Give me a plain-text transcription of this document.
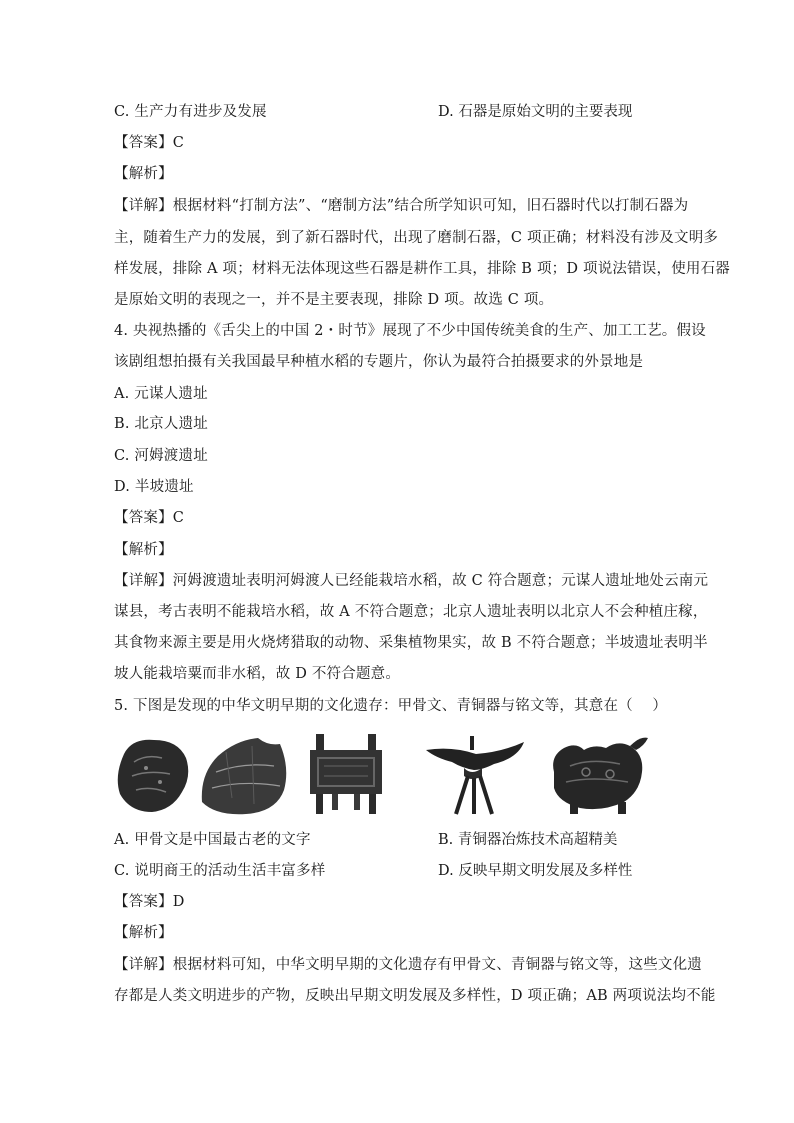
C. 生产力有进步及发展	D. 石器是原始文明的主要表现
【答案】C
【解析】
【详解】根据材料“打制方法”、“磨制方法”结合所学知识可知，旧石器时代以打制石器为
主，随着生产力的发展，到了新石器时代，出现了磨制石器，C 项正确；材料没有涉及文明多
样发展，排除 A 项；材料无法体现这些石器是耕作工具，排除 B 项；D 项说法错误，使用石器
是原始文明的表现之一，并不是主要表现，排除 D 项。故选 C 项。
4. 央视热播的《舌尖上的中国 2・时节》展现了不少中国传统美食的生产、加工工艺。假设
该剧组想拍摄有关我国最早种植水稻的专题片，你认为最符合拍摄要求的外景地是
A. 元谋人遗址
B. 北京人遗址
C. 河姆渡遗址
D. 半坡遗址
【答案】C
【解析】
【详解】河姆渡遗址表明河姆渡人已经能栽培水稻，故 C 符合题意；元谋人遗址地处云南元
谋县，考古表明不能栽培水稻，故 A 不符合题意；北京人遗址表明以北京人不会种植庄稼，
其食物来源主要是用火烧烤猎取的动物、采集植物果实，故 B 不符合题意；半坡遗址表明半
坡人能栽培粟而非水稻，故 D 不符合题意。
5. 下图是发现的中华文明早期的文化遗存：甲骨文、青铜器与铭文等，其意在（　 ）
A. 甲骨文是中国最古老的文字	B. 青铜器冶炼技术高超精美
C. 说明商王的活动生活丰富多样	D. 反映早期文明发展及多样性
【答案】D
【解析】
【详解】根据材料可知，中华文明早期的文化遗存有甲骨文、青铜器与铭文等，这些文化遗
存都是人类文明进步的产物，反映出早期文明发展及多样性，D 项正确；AB 两项说法均不能
